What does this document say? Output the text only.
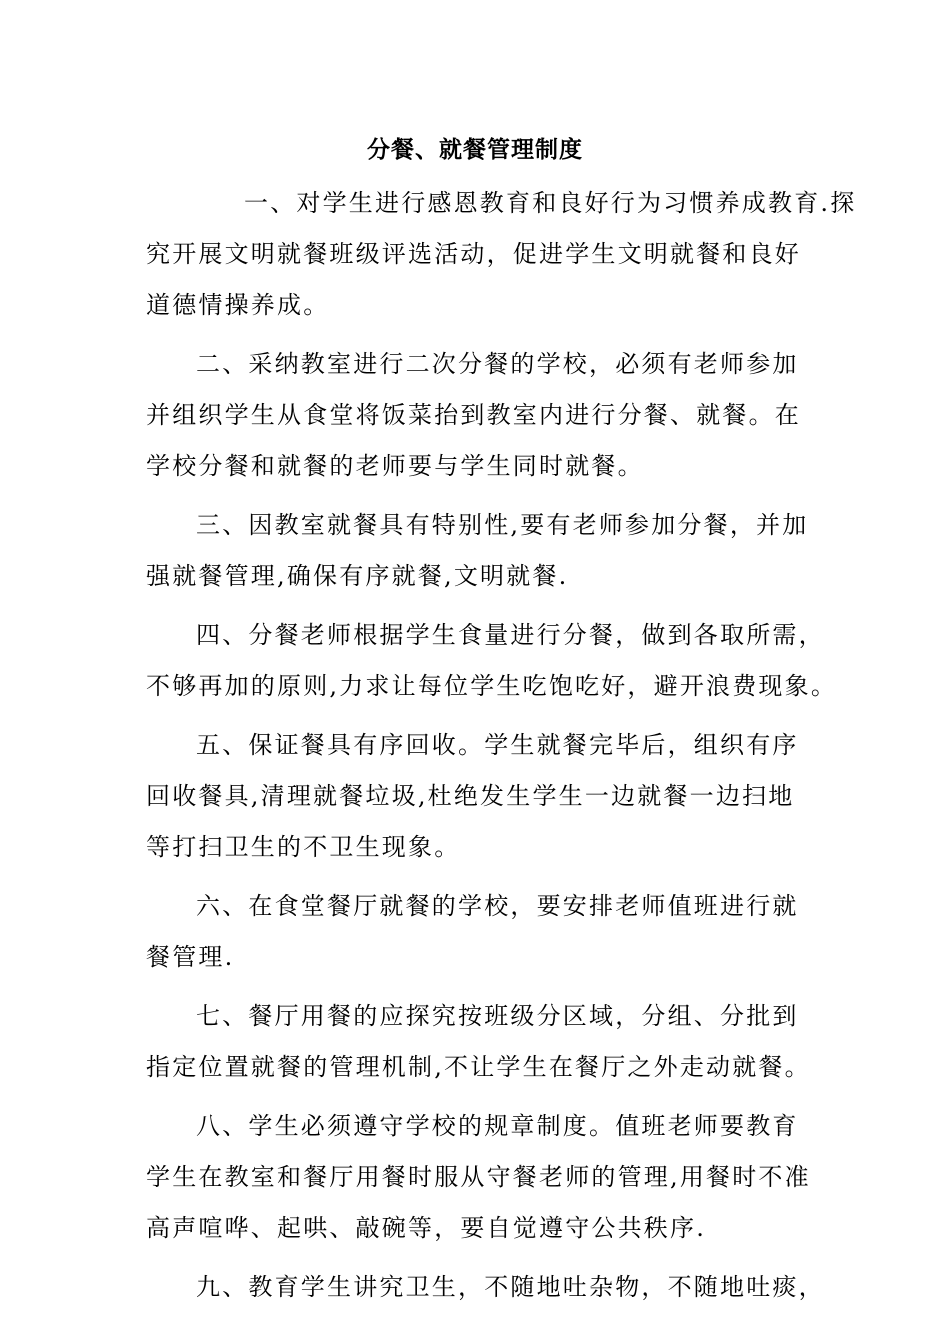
分餐、就餐管理制度
一、对学生进行感恩教育和良好行为习惯养成教育.探
究开展文明就餐班级评选活动，促进学生文明就餐和良好
道德情操养成。
二、采纳教室进行二次分餐的学校，必须有老师参加
并组织学生从食堂将饭菜抬到教室内进行分餐、就餐。在
学校分餐和就餐的老师要与学生同时就餐。
三、因教室就餐具有特别性,要有老师参加分餐，并加
强就餐管理,确保有序就餐,文明就餐.
四、分餐老师根据学生食量进行分餐，做到各取所需，
不够再加的原则,力求让每位学生吃饱吃好，避开浪费现象。
五、保证餐具有序回收。学生就餐完毕后，组织有序
回收餐具,清理就餐垃圾,杜绝发生学生一边就餐一边扫地
等打扫卫生的不卫生现象。
六、在食堂餐厅就餐的学校，要安排老师值班进行就
餐管理.
七、餐厅用餐的应探究按班级分区域，分组、分批到
指定位置就餐的管理机制,不让学生在餐厅之外走动就餐。
八、学生必须遵守学校的规章制度。值班老师要教育
学生在教室和餐厅用餐时服从守餐老师的管理,用餐时不准
高声喧哗、起哄、敲碗等，要自觉遵守公共秩序.
九、教育学生讲究卫生，不随地吐杂物，不随地吐痰，
